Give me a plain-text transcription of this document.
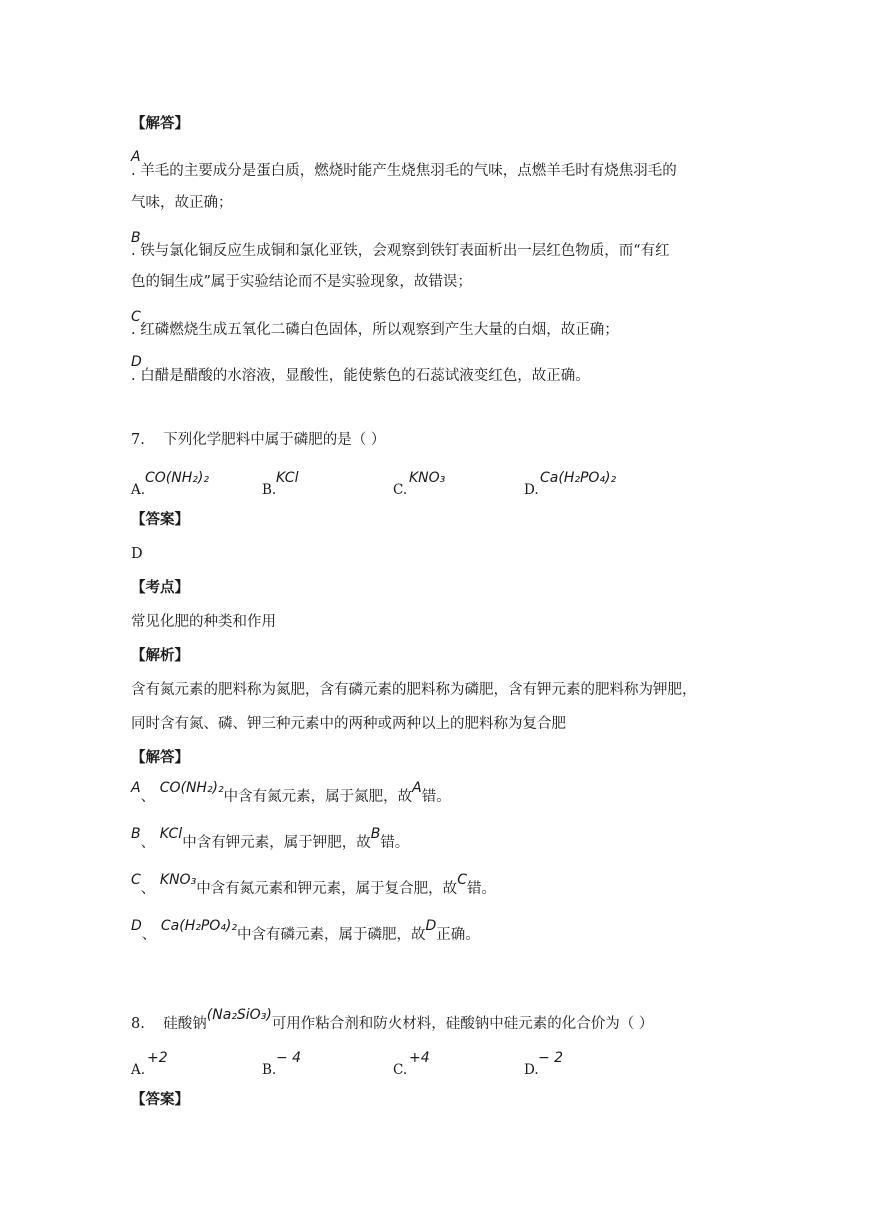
【解答】
A
. 羊毛的主要成分是蛋白质，燃烧时能产生烧焦羽毛的气味，点燃羊毛时有烧焦羽毛的
气味，故正确；
B
. 铁与氯化铜反应生成铜和氯化亚铁，会观察到铁钉表面析出一层红色物质，而“有红
色的铜生成”属于实验结论而不是实验现象，故错误；
C
. 红磷燃烧生成五氧化二磷白色固体，所以观察到产生大量的白烟，故正确；
D
. 白醋是醋酸的水溶液，显酸性，能使紫色的石蕊试液变红色，故正确。
7. 下列化学肥料中属于磷肥的是（ ）
A.
CO(NH₂)₂
B.
KCl
C.
KNO₃
D.
Ca(H₂PO₄)₂
【答案】
D
【考点】
常见化肥的种类和作用
【解析】
含有氮元素的肥料称为氮肥，含有磷元素的肥料称为磷肥，含有钾元素的肥料称为钾肥，
同时含有氮、磷、钾三种元素中的两种或两种以上的肥料称为复合肥
【解答】
A、 CO(NH₂)₂中含有氮元素，属于氮肥，故A错。
B、 KCl中含有钾元素，属于钾肥，故B错。
C、 KNO₃中含有氮元素和钾元素，属于复合肥，故C错。
D、 Ca(H₂PO₄)₂中含有磷元素，属于磷肥，故D正确。
8. 硅酸钠(Na₂SiO₃)可用作粘合剂和防火材料，硅酸钠中硅元素的化合价为（ ）
A.
+2
B.
− 4
C.
+4
D.
− 2
【答案】
